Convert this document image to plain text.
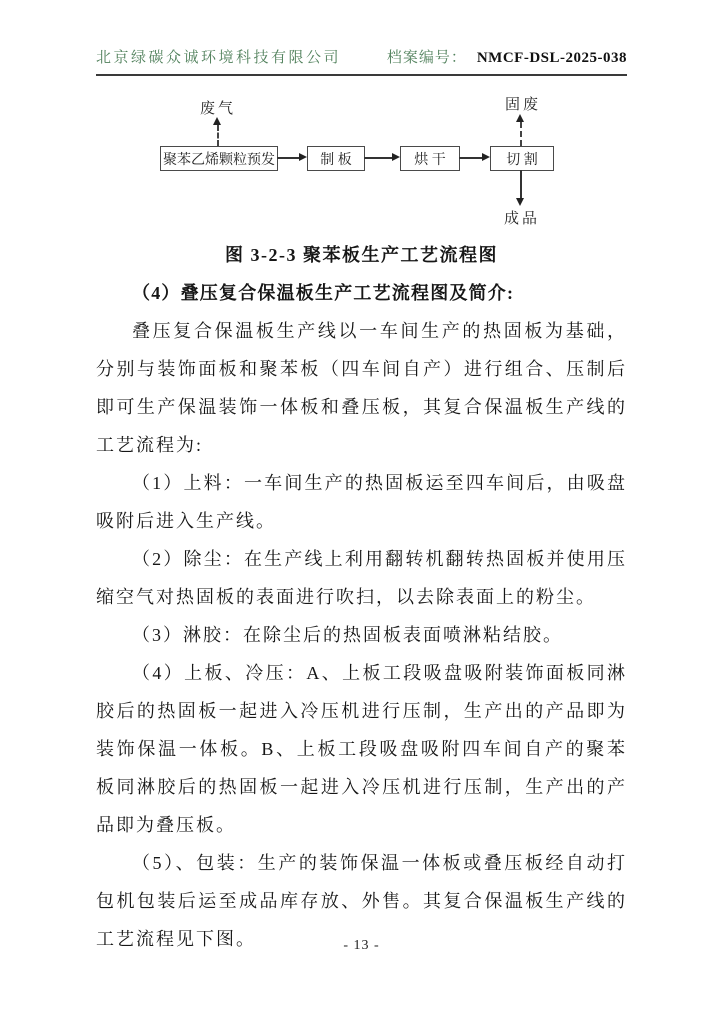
北京绿碳众诚环境科技有限公司	档案编号： NMCF-DSL-2025-038
废气
聚苯乙烯颗粒预发	制 板	烘 干	切 割
固废
成品

图 3-2-3 聚苯板生产工艺流程图

（4）叠压复合保温板生产工艺流程图及简介:

叠压复合保温板生产线以一车间生产的热固板为基础，分别与装饰面板和聚苯板（四车间自产）进行组合、压制后即可生产保温装饰一体板和叠压板，其复合保温板生产线的工艺流程为:

（1）上料：一车间生产的热固板运至四车间后，由吸盘吸附后进入生产线。

（2）除尘：在生产线上利用翻转机翻转热固板并使用压缩空气对热固板的表面进行吹扫，以去除表面上的粉尘。

（3）淋胶：在除尘后的热固板表面喷淋粘结胶。

（4）上板、冷压：A、上板工段吸盘吸附装饰面板同淋胶后的热固板一起进入冷压机进行压制，生产出的产品即为装饰保温一体板。B、上板工段吸盘吸附四车间自产的聚苯板同淋胶后的热固板一起进入冷压机进行压制，生产出的产品即为叠压板。

（5）、包装：生产的装饰保温一体板或叠压板经自动打包机包装后运至成品库存放、外售。其复合保温板生产线的工艺流程见下图。	- 13 -
